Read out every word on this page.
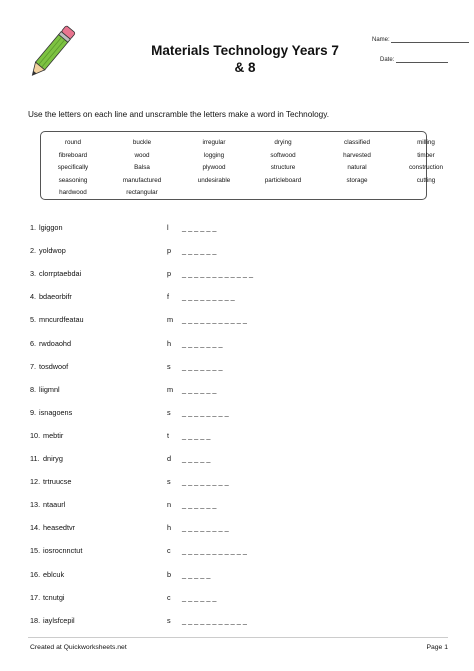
Materials Technology Years 7
& 8
Name:
Date:
Use the letters on each line and unscramble the letters make a word in Technology.
round	buckle	irregular	drying	classified	milling
fibreboard	wood	logging	softwood	harvested	timber
specifically	Balsa	plywood	structure	natural	construction
seasoning	manufactured	undesirable	particleboard	storage	cutting
hardwood	rectangular
1. lgiggon	l _ _ _ _ _ _
2. yoldwop	p _ _ _ _ _ _
3. clorrptaebdai	p _ _ _ _ _ _ _ _ _ _ _ _
4. bdaeorbifr	f _ _ _ _ _ _ _ _ _
5. mncurdfeatau	m _ _ _ _ _ _ _ _ _ _ _
6. rwdoaohd	h _ _ _ _ _ _ _
7. tosdwoof	s _ _ _ _ _ _ _
8. liigmnl	m _ _ _ _ _ _
9. isnagoens	s _ _ _ _ _ _ _ _
10. mebtir	t _ _ _ _ _
11. dniryg	d _ _ _ _ _
12. trtruucse	s _ _ _ _ _ _ _ _
13. ntaaurl	n _ _ _ _ _ _
14. heasedtvr	h _ _ _ _ _ _ _ _
15. iosrocnnctut	c _ _ _ _ _ _ _ _ _ _ _
16. eblcuk	b _ _ _ _ _
17. tcnutgi	c _ _ _ _ _ _
18. iaylsfcepil	s _ _ _ _ _ _ _ _ _ _ _
Created at Quickworksheets.net	Page 1
